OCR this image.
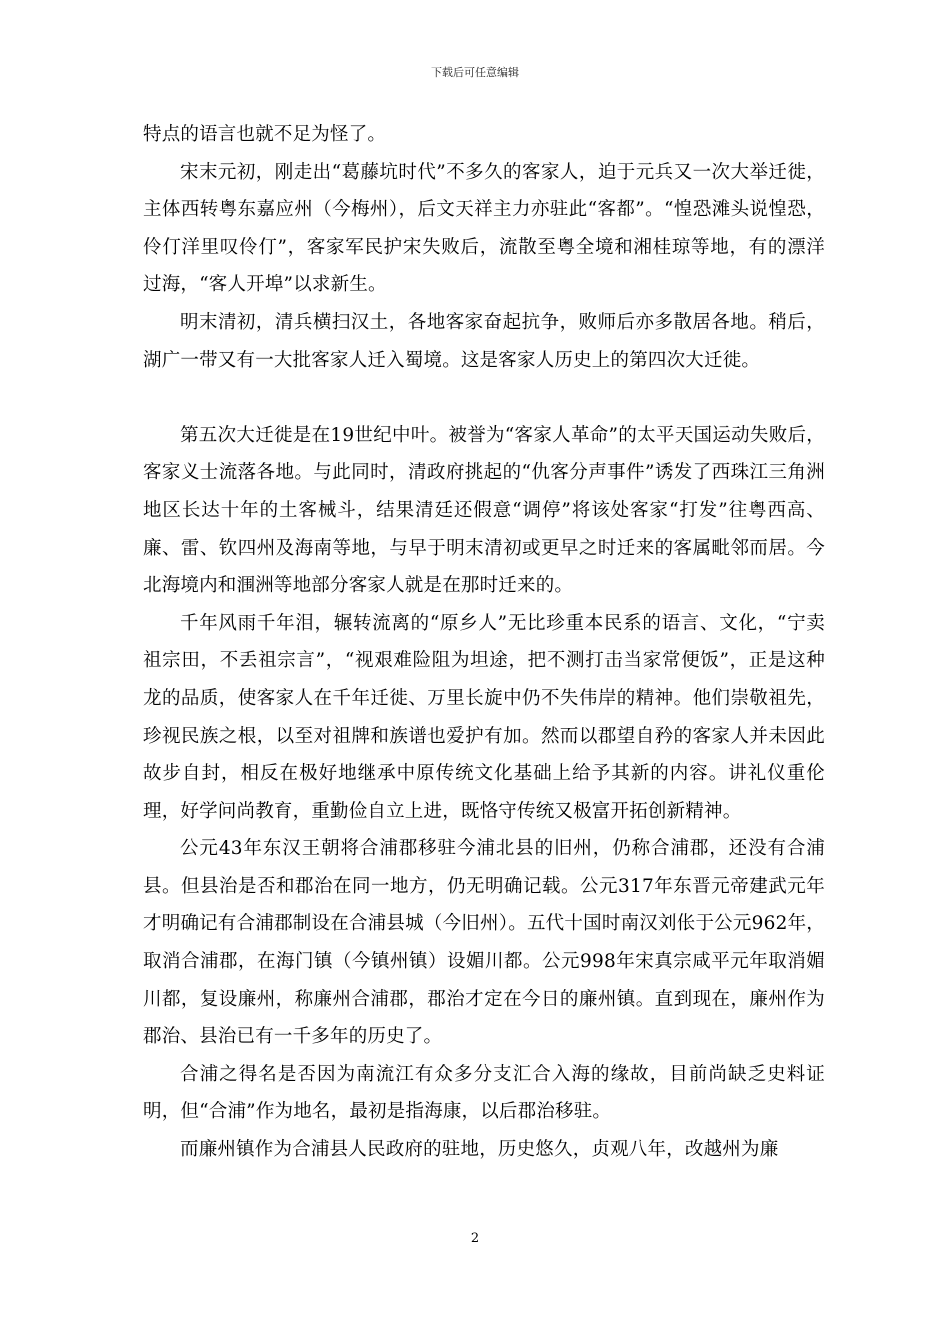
下载后可任意编辑

特点的语言也就不足为怪了。

宋末元初，刚走出“葛藤坑时代”不多久的客家人，迫于元兵又一次大举迁徙，主体西转粤东嘉应州（今梅州），后文天祥主力亦驻此“客都”。“惶恐滩头说惶恐，伶仃洋里叹伶仃”，客家军民护宋失败后，流散至粤全境和湘桂琼等地，有的漂洋过海，“客人开埠”以求新生。

明末清初，清兵横扫汉土，各地客家奋起抗争，败师后亦多散居各地。稍后，湖广一带又有一大批客家人迁入蜀境。这是客家人历史上的第四次大迁徙。

第五次大迁徙是在19世纪中叶。被誉为“客家人革命”的太平天国运动失败后，客家义士流落各地。与此同时，清政府挑起的“仇客分声事件”诱发了西珠江三角洲地区长达十年的土客械斗，结果清廷还假意“调停”将该处客家“打发”往粤西高、廉、雷、钦四州及海南等地，与早于明末清初或更早之时迁来的客属毗邻而居。今北海境内和涠洲等地部分客家人就是在那时迁来的。

千年风雨千年泪，辗转流离的“原乡人”无比珍重本民系的语言、文化，“宁卖祖宗田，不丢祖宗言”，“视艰难险阻为坦途，把不测打击当家常便饭”，正是这种龙的品质，使客家人在千年迁徙、万里长旋中仍不失伟岸的精神。他们崇敬祖先，珍视民族之根，以至对祖牌和族谱也爱护有加。然而以郡望自矜的客家人并未因此故步自封，相反在极好地继承中原传统文化基础上给予其新的内容。讲礼仪重伦理，好学问尚教育，重勤俭自立上进，既恪守传统又极富开拓创新精神。

公元43年东汉王朝将合浦郡移驻今浦北县的旧州，仍称合浦郡，还没有合浦县。但县治是否和郡治在同一地方，仍无明确记载。公元317年东晋元帝建武元年才明确记有合浦郡制设在合浦县城（今旧州）。五代十国时南汉刘伥于公元962年，取消合浦郡，在海门镇（今镇州镇）设媚川都。公元998年宋真宗咸平元年取消媚川都，复设廉州，称廉州合浦郡，郡治才定在今日的廉州镇。直到现在，廉州作为郡治、县治已有一千多年的历史了。

合浦之得名是否因为南流江有众多分支汇合入海的缘故，目前尚缺乏史料证明，但“合浦”作为地名，最初是指海康，以后郡治移驻。

而廉州镇作为合浦县人民政府的驻地，历史悠久，贞观八年，改越州为廉

2
